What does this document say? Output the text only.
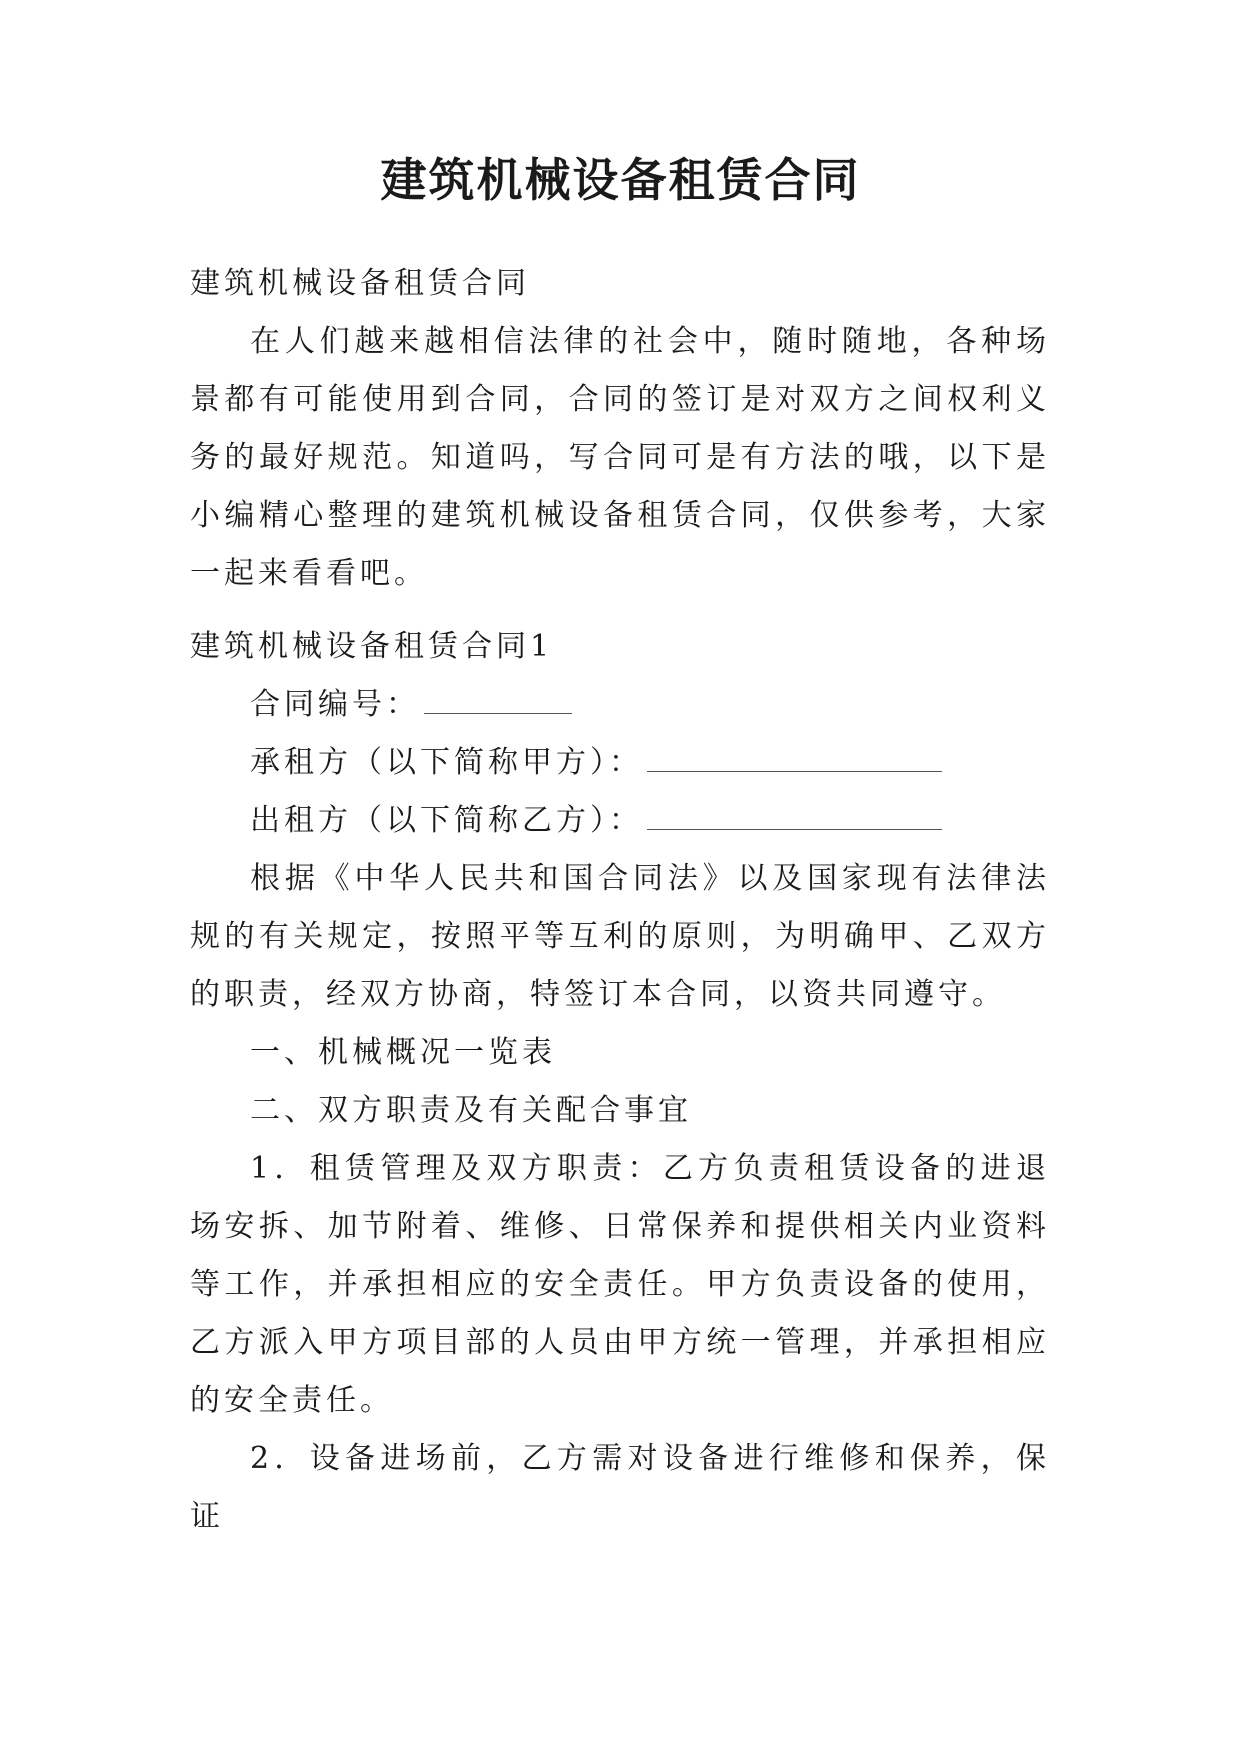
建筑机械设备租赁合同

建筑机械设备租赁合同

在人们越来越相信法律的社会中，随时随地，各种场景都有可能使用到合同，合同的签订是对双方之间权利义务的最好规范。知道吗，写合同可是有方法的哦，以下是小编精心整理的建筑机械设备租赁合同，仅供参考，大家一起来看看吧。

建筑机械设备租赁合同1

合同编号：

承租方（以下简称甲方）：

出租方（以下简称乙方）：

根据《中华人民共和国合同法》以及国家现有法律法规的有关规定，按照平等互利的原则，为明确甲、乙双方的职责，经双方协商，特签订本合同，以资共同遵守。

一、机械概况一览表

二、双方职责及有关配合事宜

1．租赁管理及双方职责：乙方负责租赁设备的进退场安拆、加节附着、维修、日常保养和提供相关内业资料等工作，并承担相应的安全责任。甲方负责设备的使用，乙方派入甲方项目部的人员由甲方统一管理，并承担相应的安全责任。

2．设备进场前，乙方需对设备进行维修和保养，保证
